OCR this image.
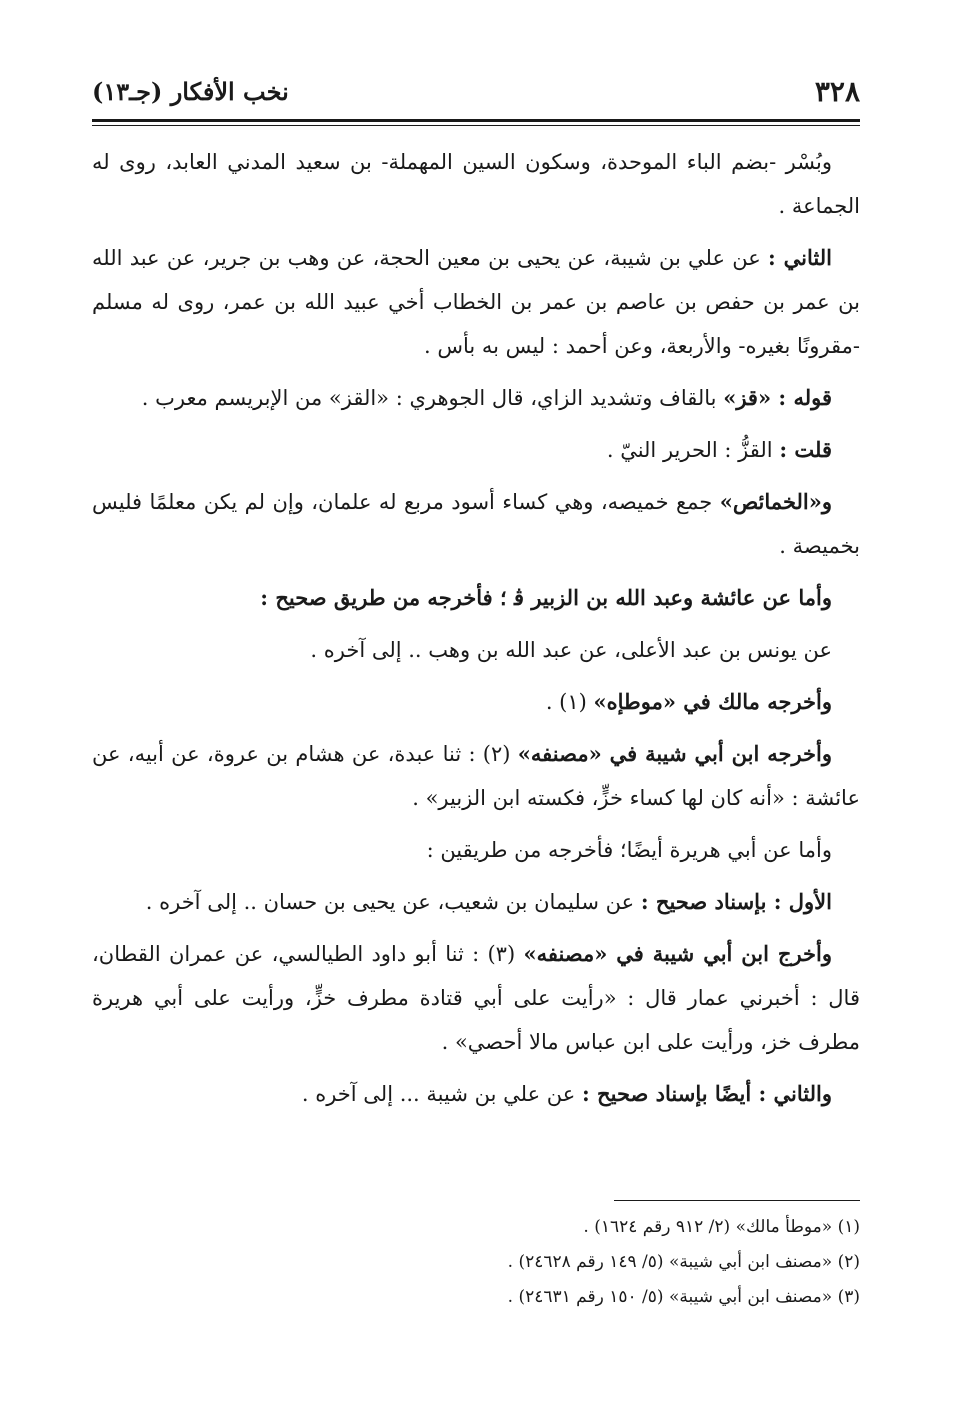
٣٢٨
نخب الأفكار (جـ١٣)

وبُسْر -بضم الباء الموحدة، وسكون السين المهملة- بن سعيد المدني العابد، روى له الجماعة .

الثاني : عن علي بن شيبة، عن يحيى بن معين الحجة، عن وهب بن جرير، عن عبد الله بن عمر بن حفص بن عاصم بن عمر بن الخطاب أخي عبيد الله بن عمر، روى له مسلم -مقرونًا بغيره- والأربعة، وعن أحمد : ليس به بأس .

قوله : «قز» بالقاف وتشديد الزاي، قال الجوهري : «القز» من الإبريسم معرب .

قلت : القزُّ : الحرير النيّ .

و«الخمائص» جمع خميصه، وهي كساء أسود مربع له علمان، وإن لم يكن معلمًا فليس بخميصة .

وأما عن عائشة وعبد الله بن الزبير ﭬ ؛ فأخرجه من طريق صحيح :

عن يونس بن عبد الأعلى، عن عبد الله بن وهب .. إلى آخره .

وأخرجه مالك في «موطإه» (١) .

وأخرجه ابن أبي شيبة في «مصنفه» (٢) : ثنا عبدة، عن هشام بن عروة، عن أبيه، عن عائشة : «أنه كان لها كساء خزٍّ، فكسته ابن الزبير» .

وأما عن أبي هريرة أيضًا؛ فأخرجه من طريقين :

الأول : بإسناد صحيح : عن سليمان بن شعيب، عن يحيى بن حسان .. إلى آخره .

وأخرج ابن أبي شيبة في «مصنفه» (٣) : ثنا أبو داود الطيالسي، عن عمران القطان، قال : أخبرني عمار قال : «رأيت على أبي قتادة مطرف خزٍّ، ورأيت على أبي هريرة مطرف خز، ورأيت على ابن عباس مالا أحصي» .

والثاني : أيضًا بإسناد صحيح : عن علي بن شيبة ... إلى آخره .

(١) «موطأ مالك» (٢/ ٩١٢ رقم ١٦٢٤) .

(٢) «مصنف ابن أبي شيبة» (٥/ ١٤٩ رقم ٢٤٦٢٨) .

(٣) «مصنف ابن أبي شيبة» (٥/ ١٥٠ رقم ٢٤٦٣١) .
